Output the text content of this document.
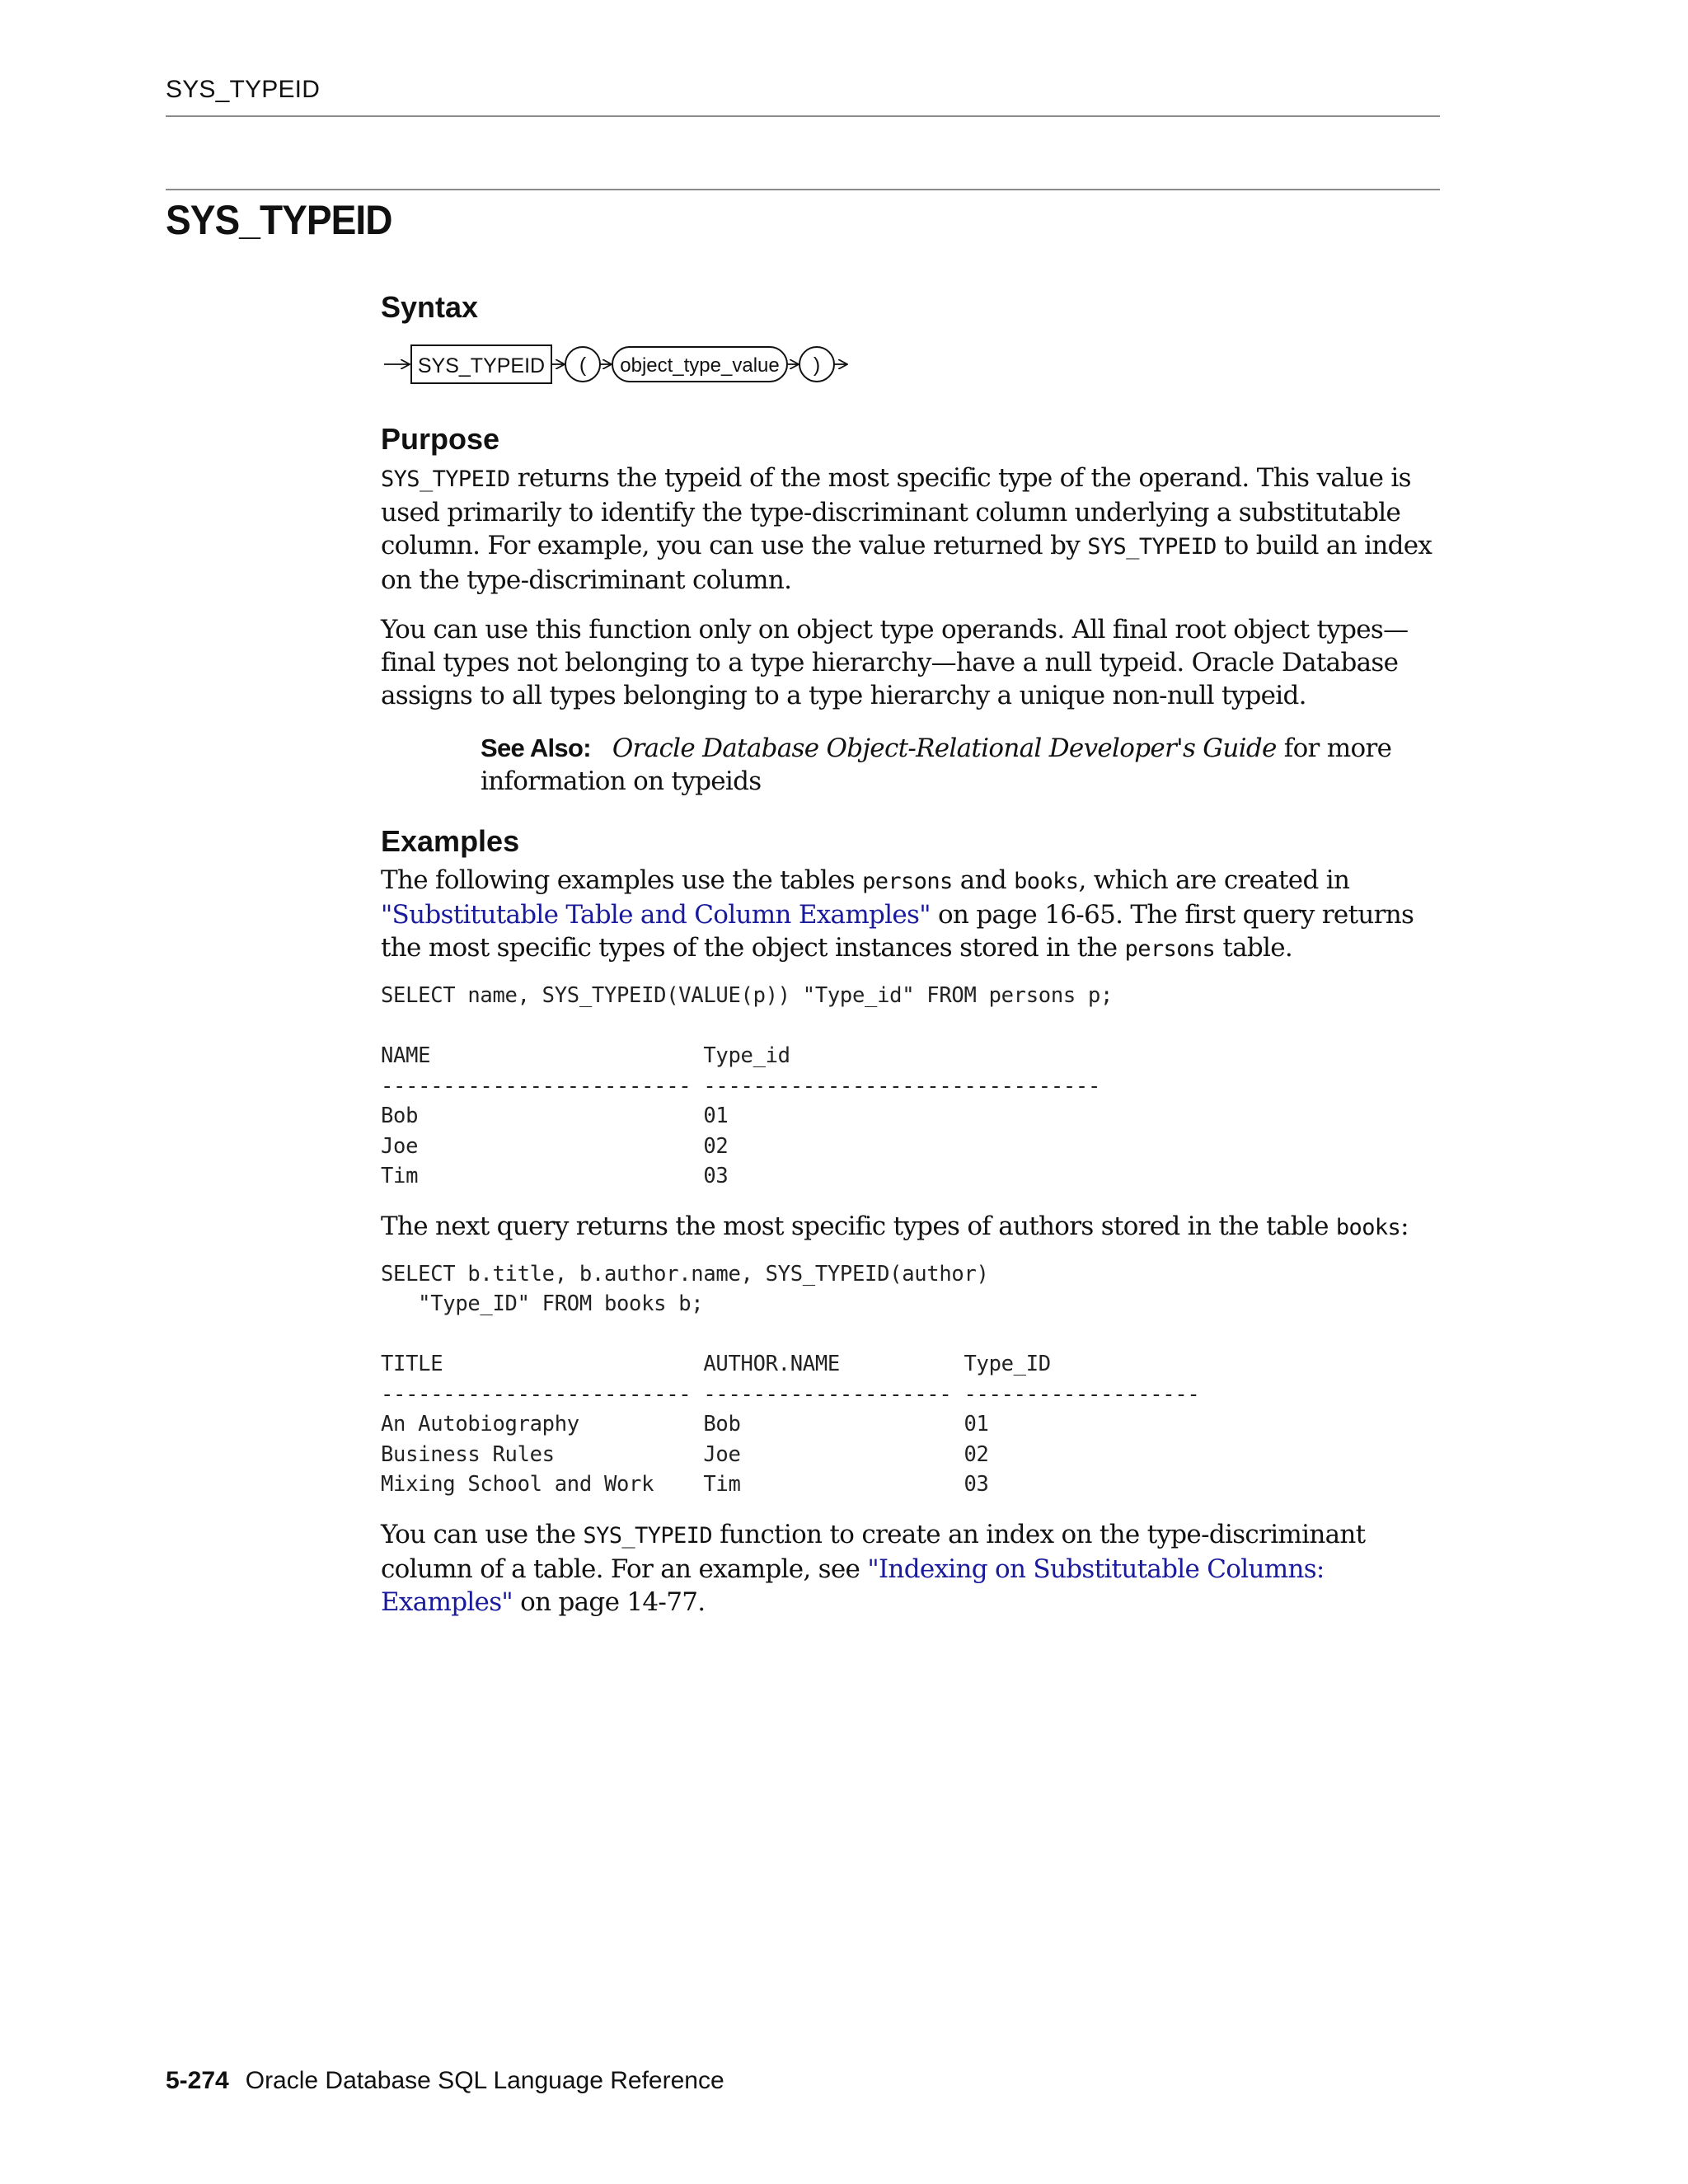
SYS_TYPEID
SYS_TYPEID
Syntax
SYS_TYPEID ( object_type_value )
Purpose

SYS_TYPEID returns the typeid of the most specific type of the operand. This value is used primarily to identify the type-discriminant column underlying a substitutable column. For example, you can use the value returned by SYS_TYPEID to build an index on the type-discriminant column.

You can use this function only on object type operands. All final root object types—final types not belonging to a type hierarchy—have a null typeid. Oracle Database assigns to all types belonging to a type hierarchy a unique non-null typeid.

See Also: Oracle Database Object-Relational Developer's Guide for more information on typeids

Examples

The following examples use the tables persons and books, which are created in "Substitutable Table and Column Examples" on page 16-65. The first query returns the most specific types of the object instances stored in the persons table.

SELECT name, SYS_TYPEID(VALUE(p)) "Type_id" FROM persons p;

NAME                      Type_id
------------------------- --------------------------------
Bob                       01
Joe                       02
Tim                       03

The next query returns the most specific types of authors stored in the table books:

SELECT b.title, b.author.name, SYS_TYPEID(author)
"Type_ID" FROM books b;

TITLE                     AUTHOR.NAME          Type_ID
------------------------- -------------------- -------------------
An Autobiography          Bob                  01
Business Rules            Joe                  02
Mixing School and Work    Tim                  03

You can use the SYS_TYPEID function to create an index on the type-discriminant column of a table. For an example, see "Indexing on Substitutable Columns: Examples" on page 14-77.

5-274 Oracle Database SQL Language Reference
